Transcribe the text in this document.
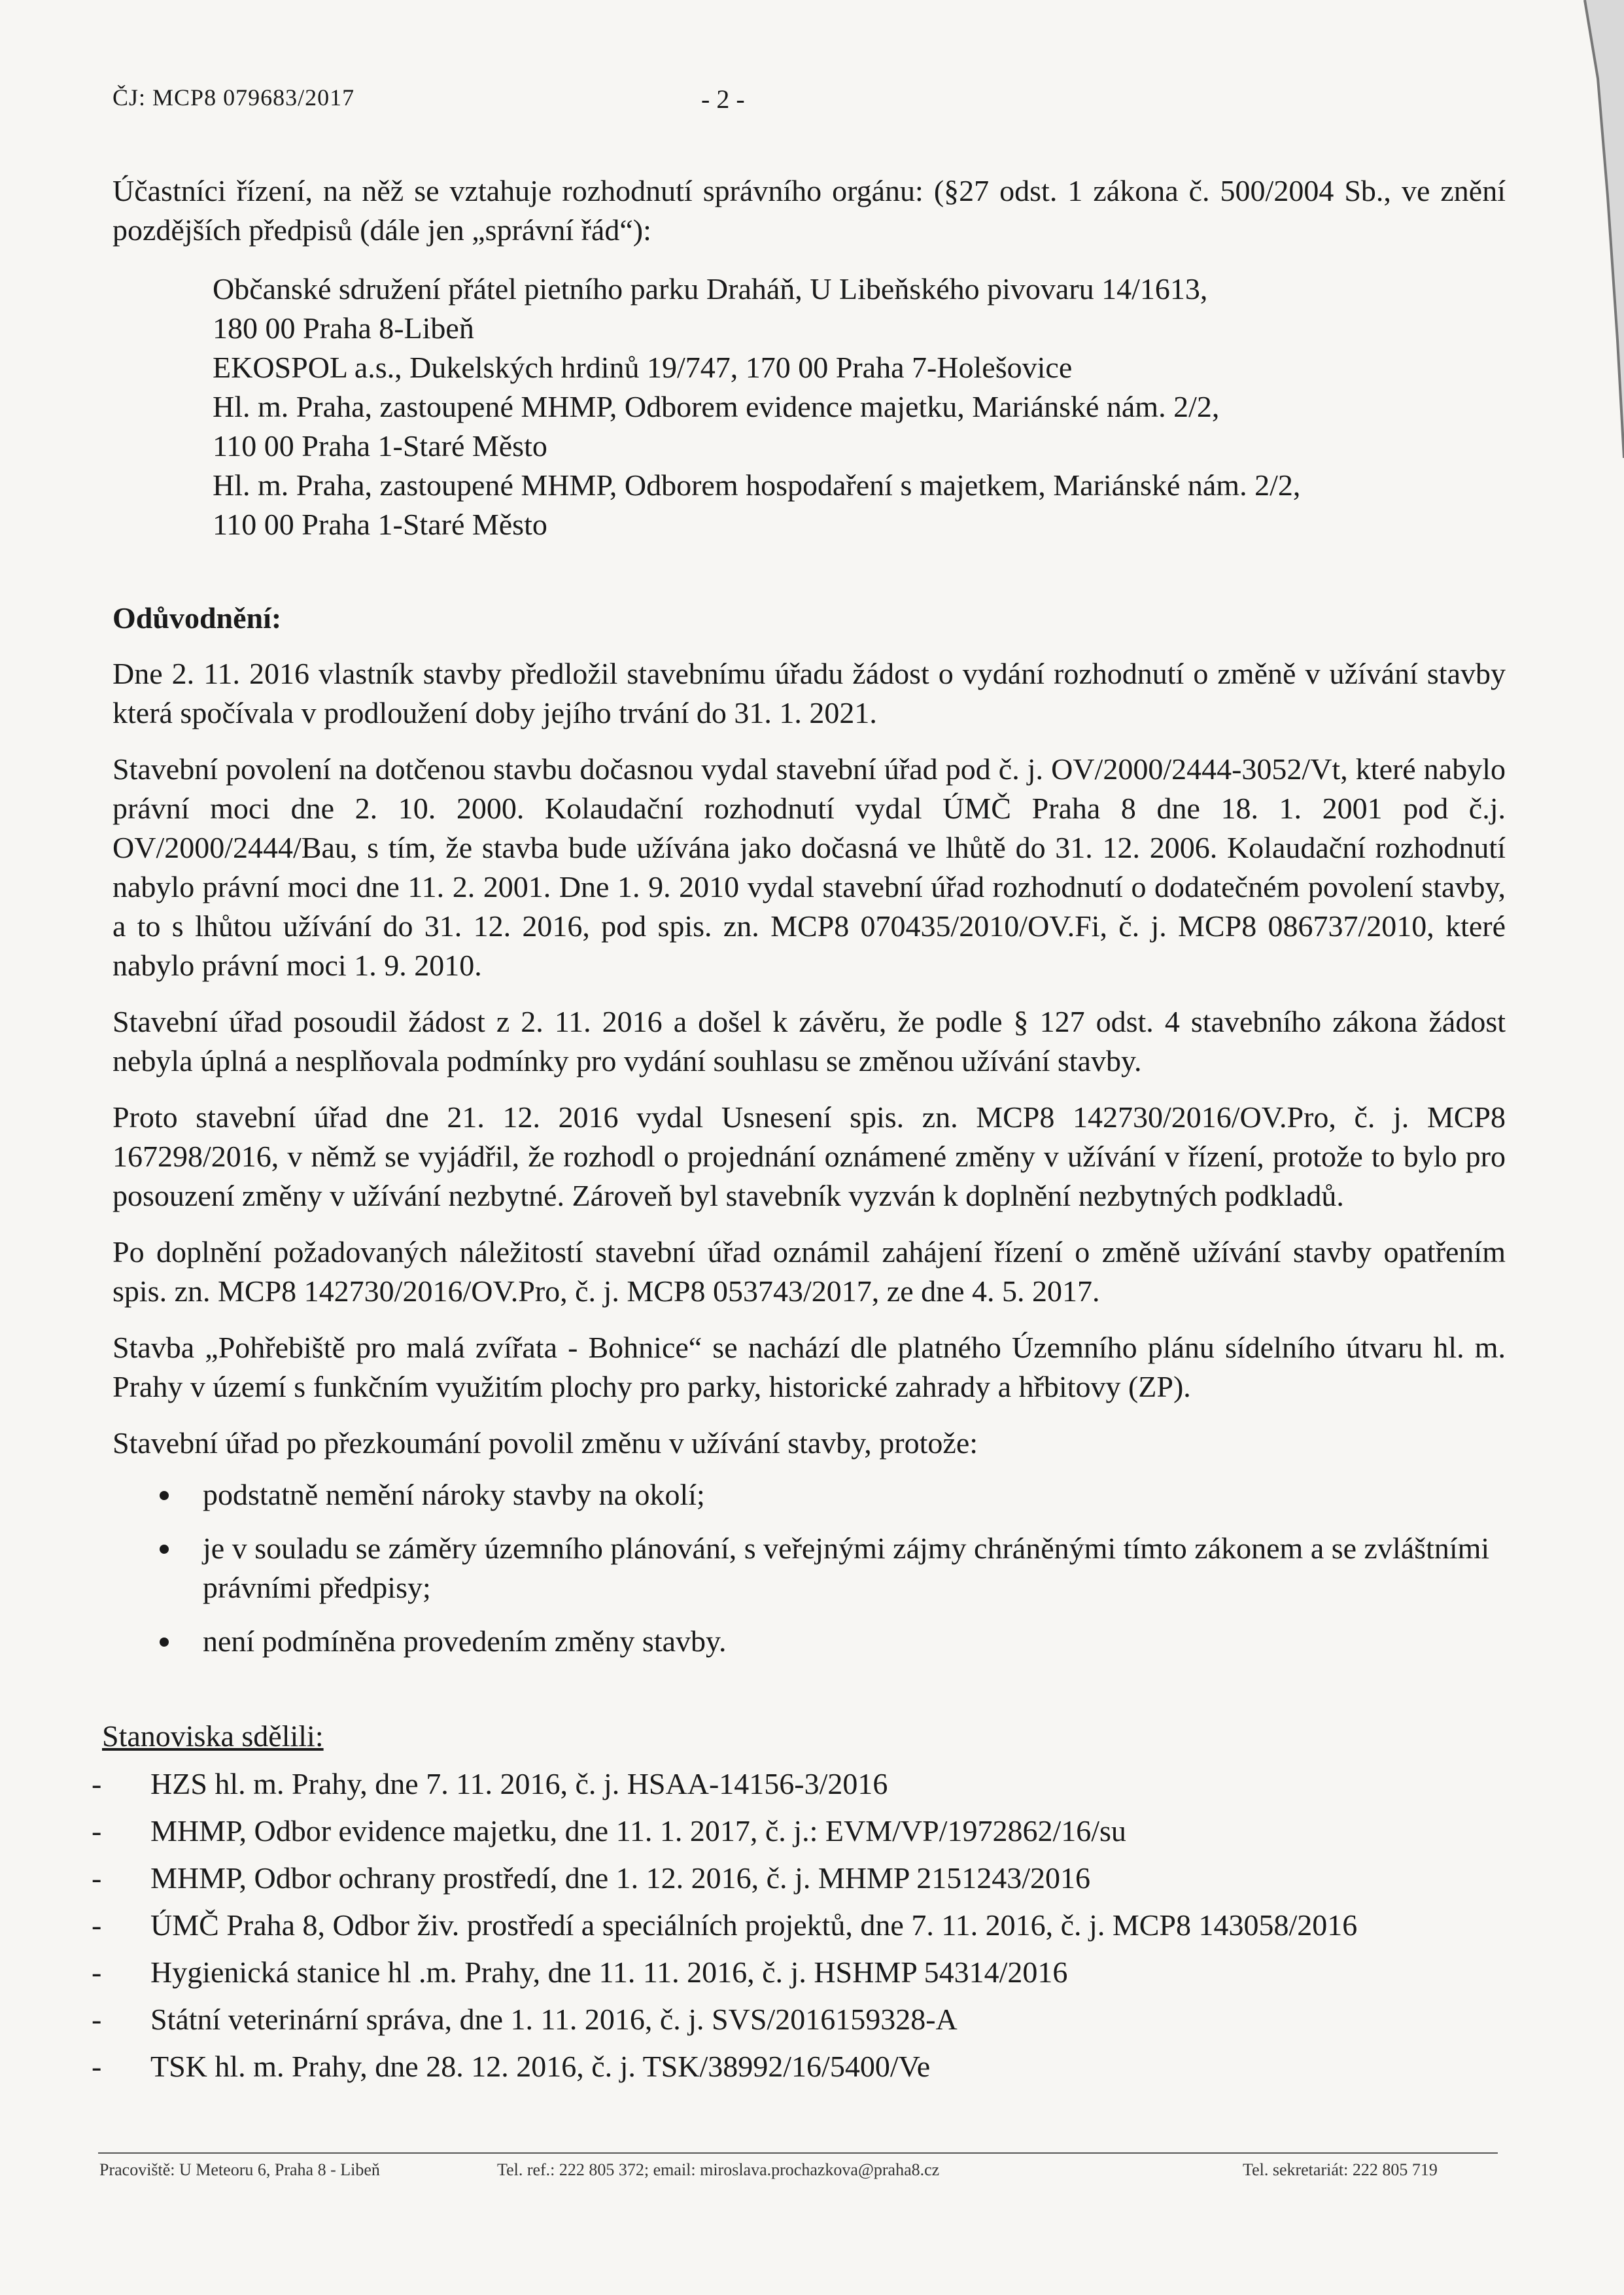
ČJ: MCP8 079683/2017	- 2 -
Účastníci řízení, na něž se vztahuje rozhodnutí správního orgánu: (§27 odst. 1 zákona č. 500/2004 Sb., ve znění pozdějších předpisů (dále jen „správní řád“):
Občanské sdružení přátel pietního parku Draháň, U Libeňského pivovaru 14/1613,
180 00 Praha 8-Libeň
EKOSPOL a.s., Dukelských hrdinů 19/747, 170 00 Praha 7-Holešovice
Hl. m. Praha, zastoupené MHMP, Odborem evidence majetku, Mariánské nám. 2/2,
110 00 Praha 1-Staré Město
Hl. m. Praha, zastoupené MHMP, Odborem hospodaření s majetkem, Mariánské nám. 2/2,
110 00 Praha 1-Staré Město
Odůvodnění:

Dne 2. 11. 2016 vlastník stavby předložil stavebnímu úřadu žádost o vydání rozhodnutí o změně v užívání stavby která spočívala v prodloužení doby jejího trvání do 31. 1. 2021.

Stavební povolení na dotčenou stavbu dočasnou vydal stavební úřad pod č. j. OV/2000/2444-3052/Vt, které nabylo právní moci dne 2. 10. 2000. Kolaudační rozhodnutí vydal ÚMČ Praha 8 dne 18. 1. 2001 pod č.j. OV/2000/2444/Bau, s tím, že stavba bude užívána jako dočasná ve lhůtě do 31. 12. 2006. Kolaudační rozhodnutí nabylo právní moci dne 11. 2. 2001. Dne 1. 9. 2010 vydal stavební úřad rozhodnutí o dodatečném povolení stavby, a to s lhůtou užívání do 31. 12. 2016, pod spis. zn. MCP8 070435/2010/OV.Fi, č. j. MCP8 086737/2010, které nabylo právní moci 1. 9. 2010.

Stavební úřad posoudil žádost z 2. 11. 2016 a došel k závěru, že podle § 127 odst. 4 stavebního zákona žádost nebyla úplná a nesplňovala podmínky pro vydání souhlasu se změnou užívání stavby.

Proto stavební úřad dne 21. 12. 2016 vydal Usnesení spis. zn. MCP8 142730/2016/OV.Pro, č. j. MCP8 167298/2016, v němž se vyjádřil, že rozhodl o projednání oznámené změny v užívání v řízení, protože to bylo pro posouzení změny v užívání nezbytné. Zároveň byl stavebník vyzván k doplnění nezbytných podkladů.

Po doplnění požadovaných náležitostí stavební úřad oznámil zahájení řízení o změně užívání stavby opatřením spis. zn. MCP8 142730/2016/OV.Pro, č. j. MCP8 053743/2017, ze dne 4. 5. 2017.

Stavba „Pohřebiště pro malá zvířata - Bohnice“ se nachází dle platného Územního plánu sídelního útvaru hl. m. Prahy v území s funkčním využitím plochy pro parky, historické zahrady a hřbitovy (ZP).

Stavební úřad po přezkoumání povolil změnu v užívání stavby, protože:

podstatně nemění nároky stavby na okolí;
je v souladu se záměry územního plánování, s veřejnými zájmy chráněnými tímto zákonem a se zvláštními právními předpisy;
není podmíněna provedením změny stavby.
Stanoviska sdělili:
- HZS hl. m. Prahy, dne 7. 11. 2016, č. j. HSAA-14156-3/2016
- MHMP, Odbor evidence majetku, dne 11. 1. 2017, č. j.: EVM/VP/1972862/16/su
- MHMP, Odbor ochrany prostředí, dne 1. 12. 2016, č. j. MHMP 2151243/2016
- ÚMČ Praha 8, Odbor živ. prostředí a speciálních projektů, dne 7. 11. 2016, č. j. MCP8 143058/2016
- Hygienická stanice hl .m. Prahy, dne 11. 11. 2016, č. j. HSHMP 54314/2016
- Státní veterinární správa, dne 1. 11. 2016, č. j. SVS/2016159328-A
- TSK hl. m. Prahy, dne 28. 12. 2016, č. j. TSK/38992/16/5400/Ve
Pracoviště: U Meteoru 6, Praha 8 - Libeň	Tel. ref.: 222 805 372; email: miroslava.prochazkova@praha8.cz	Tel. sekretariát: 222 805 719
